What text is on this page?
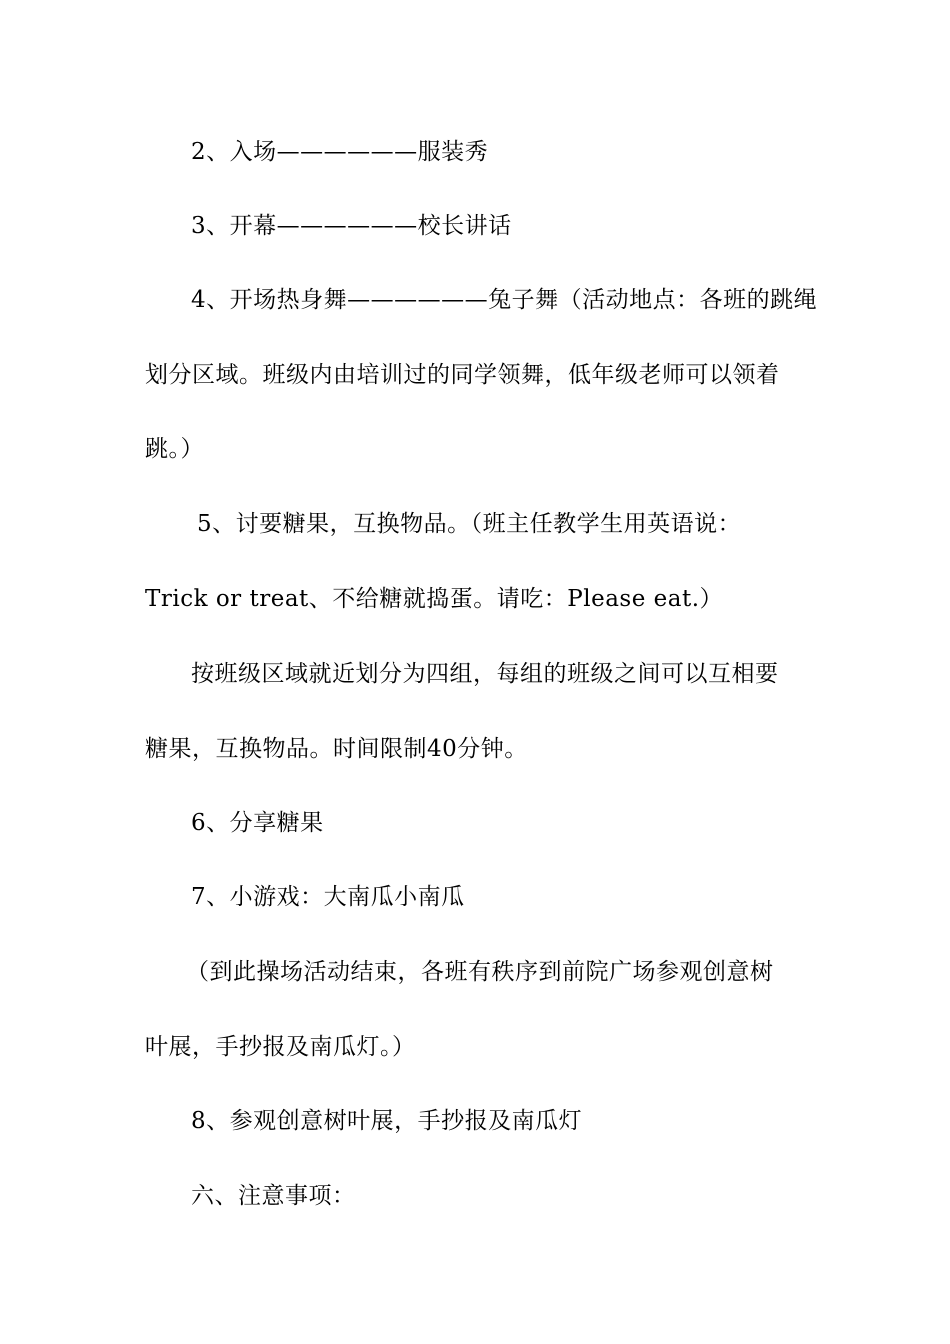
2、入场——————服装秀
3、开幕——————校长讲话
4、开场热身舞——————兔子舞（活动地点：各班的跳绳
划分区域。班级内由培训过的同学领舞，低年级老师可以领着
跳。）
5、讨要糖果，互换物品。（班主任教学生用英语说：
Trick or treat、不给糖就捣蛋。请吃：Please eat.）
按班级区域就近划分为四组，每组的班级之间可以互相要
糖果，互换物品。时间限制40分钟。
6、分享糖果
7、小游戏：大南瓜小南瓜
（到此操场活动结束，各班有秩序到前院广场参观创意树
叶展，手抄报及南瓜灯。）
8、参观创意树叶展，手抄报及南瓜灯
六、注意事项：
